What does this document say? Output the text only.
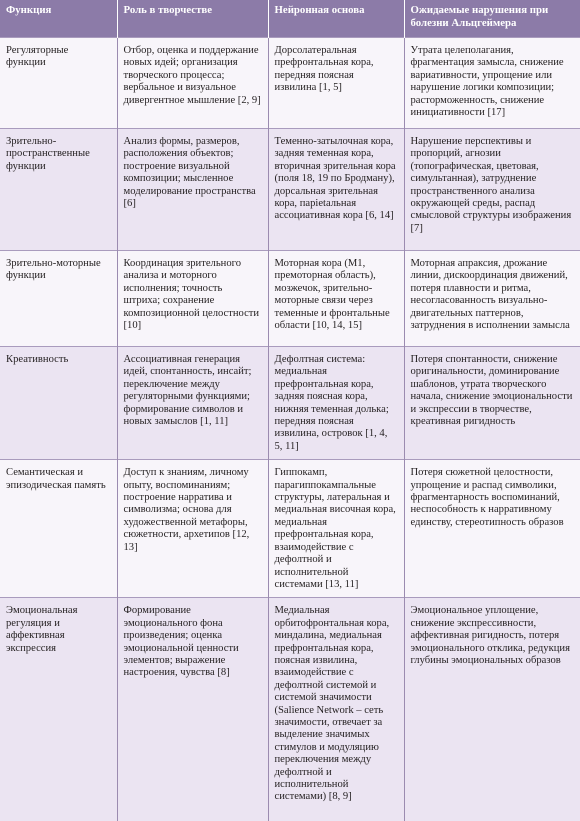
Функция	Роль в творчестве	Нейронная основа	Ожидаемые нарушения при болезни Альцгеймера
Регуляторные функции	Отбор, оценка и поддержание новых идей; организация творческого процесса; вербальное и визуальное дивергентное мышление [2, 9]	Дорсолатеральная префронтальная кора, передняя поясная извилина [1, 5]	Утрата целеполагания, фрагментация замысла, снижение вариативности, упрощение или нарушение логики композиции; расторможенность, снижение инициативности [17]
Зрительно-пространственные функции	Анализ формы, размеров, расположения объектов; построение визуальной композиции; мысленное моделирование пространства [6]	Теменно-затылочная кора, задняя теменная кора, вторичная зрительная кора (поля 18, 19 по Бродману), дорсальная зрительная кора, парietальная ассоциативная кора [6, 14]	Нарушение перспективы и пропорций, агнозии (топографическая, цветовая, симультанная), затруднение пространственного анализа окружающей среды, распад смысловой структуры изображения [7]
Зрительно-моторные функции	Координация зрительного анализа и моторного исполнения; точность штриха; сохранение композиционной целостности [10]	Моторная кора (М1, премоторная область), мозжечок, зрительно-моторные связи через теменные и фронтальные области [10, 14, 15]	Моторная апраксия, дрожание линии, дискоординация движений, потеря плавности и ритма, несогласованность визуально-двигательных паттернов, затруднения в исполнении замысла
Креативность	Ассоциативная генерация идей, спонтанность, инсайт; переключение между регуляторными функциями; формирование символов и новых замыслов [1, 11]	Дефолтная система: медиальная префронтальная кора, задняя поясная кора, нижняя теменная долька; передняя поясная извилина, островок [1, 4, 5, 11]	Потеря спонтанности, снижение оригинальности, доминирование шаблонов, утрата творческого начала, снижение эмоциональности и экспрессии в творчестве, креативная ригидность
Семантическая и эпизодическая память	Доступ к знаниям, личному опыту, воспоминаниям; построение нарратива и символизма; основа для художественной метафоры, сюжетности, архетипов [12, 13]	Гиппокамп, парагиппокампальные структуры, латеральная и медиальная височная кора, медиальная префронтальная кора, взаимодействие с дефолтной и исполнительной системами [13, 11]	Потеря сюжетной целостности, упрощение и распад символики, фрагментарность воспоминаний, неспособность к нарративному единству, стереотипность образов
Эмоциональная регуляция и аффективная экспрессия	Формирование эмоционального фона произведения; оценка эмоциональной ценности элементов; выражение настроения, чувства [8]	Медиальная орбитофронтальная кора, миндалина, медиальная префронтальная кора, поясная извилина, взаимодействие с дефолтной системой и системой значимости (Salience Network – сеть значимости, отвечает за выделение значимых стимулов и модуляцию переключения между дефолтной и исполнительной системами) [8, 9]	Эмоциональное уплощение, снижение экспрессивности, аффективная ригидность, потеря эмоционального отклика, редукция глубины эмоциональных образов
